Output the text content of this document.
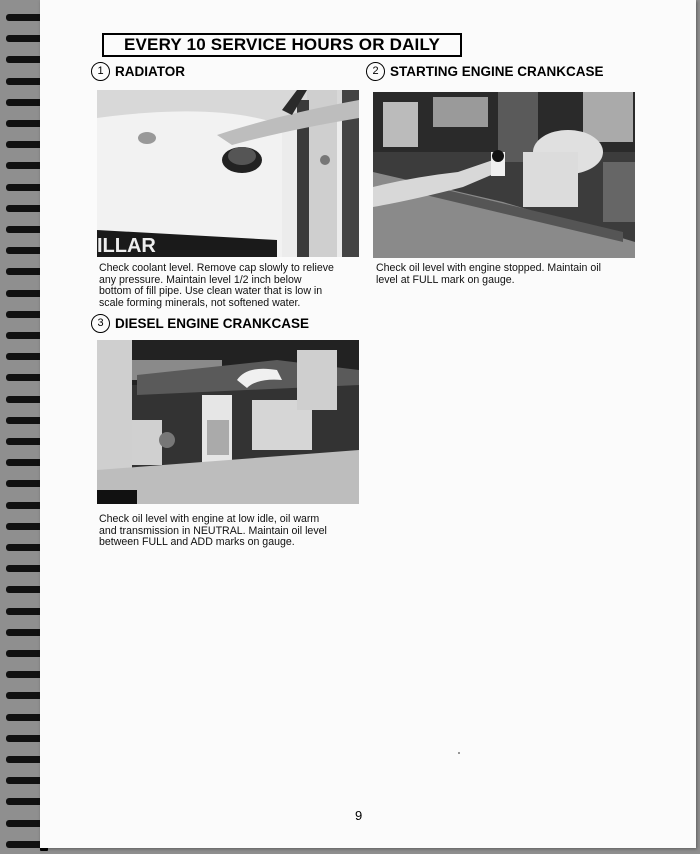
EVERY 10 SERVICE HOURS OR DAILY
1 RADIATOR
ILLAR
Check coolant level. Remove cap slowly to relieve
any pressure. Maintain level 1/2 inch below
bottom of fill pipe. Use clean water that is low in
scale forming minerals, not softened water.
2 STARTING ENGINE CRANKCASE
Check oil level with engine stopped. Maintain oil
level at FULL mark on gauge.
3 DIESEL ENGINE CRANKCASE
Check oil level with engine at low idle, oil warm
and transmission in NEUTRAL. Maintain oil level
between FULL and ADD marks on gauge.
9
